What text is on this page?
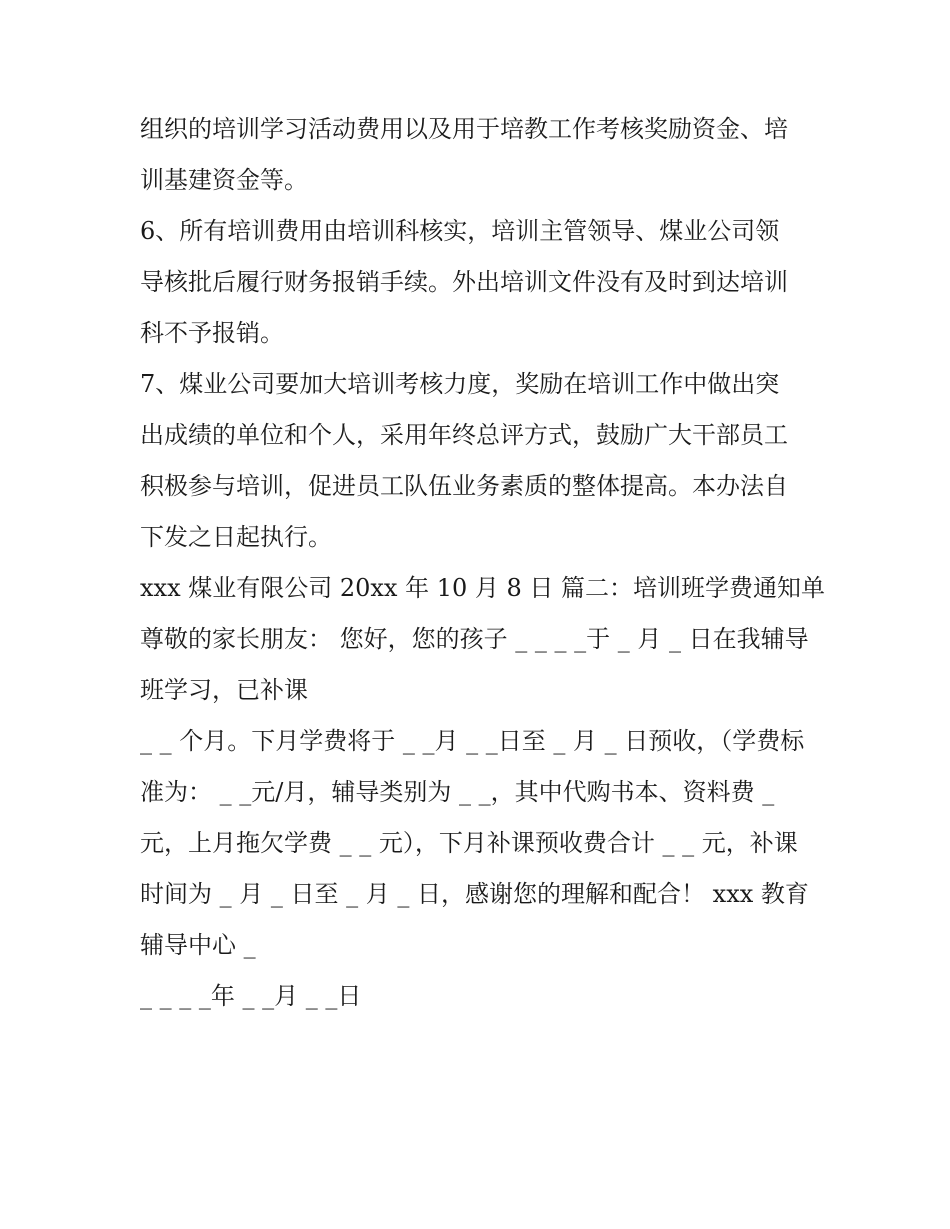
组织的培训学习活动费用以及用于培教工作考核奖励资金、培
训基建资金等。
6、所有培训费用由培训科核实，培训主管领导、煤业公司领
导核批后履行财务报销手续。外出培训文件没有及时到达培训
科不予报销。
7、煤业公司要加大培训考核力度，奖励在培训工作中做出突
出成绩的单位和个人，采用年终总评方式，鼓励广大干部员工
积极参与培训，促进员工队伍业务素质的整体提高。本办法自
下发之日起执行。
xxx 煤业有限公司 20xx 年 10 月 8 日 篇二：培训班学费通知单
尊敬的家长朋友： 您好，您的孩子 _ _ _ _于 _ 月 _ 日在我辅导
班学习，已补课
_ _ 个月。下月学费将于 _ _月 _ _日至 _ 月 _ 日预收，（学费标
准为： _ _元/月，辅导类别为 _ _，其中代购书本、资料费 _
元，上月拖欠学费 _ _ 元），下月补课预收费合计 _ _ 元，补课
时间为 _ 月 _ 日至 _ 月 _ 日，感谢您的理解和配合！ xxx 教育
辅导中心 _
_ _ _ _年 _ _月 _ _日
